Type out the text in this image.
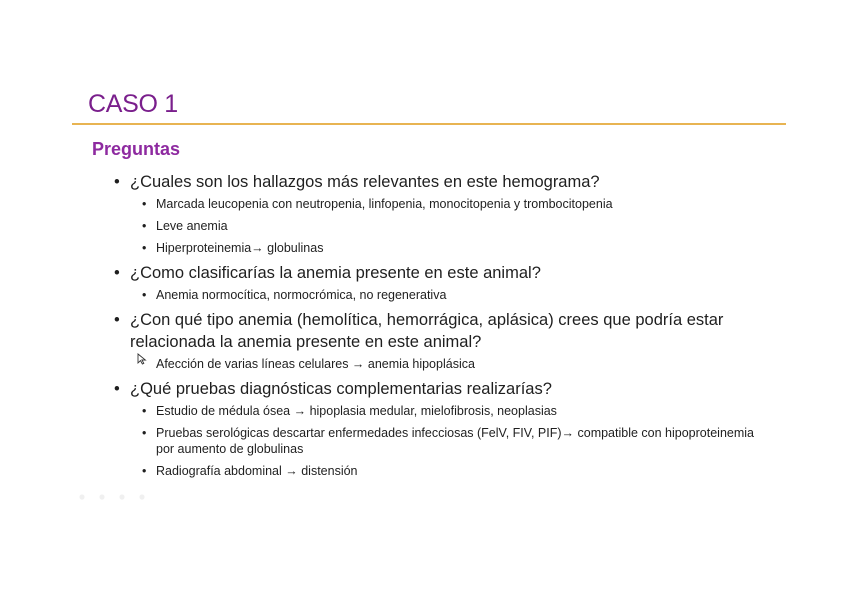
CASO 1
Preguntas
• ¿Cuales son los hallazgos más relevantes en este hemograma?
• Marcada leucopenia con neutropenia, linfopenia, monocitopenia y trombocitopenia
• Leve anemia
• Hiperproteinemia→ globulinas
• ¿Como clasificarías la anemia presente en este animal?
• Anemia normocítica, normocrómica, no regenerativa
• ¿Con qué tipo anemia (hemolítica, hemorrágica, aplásica) crees que podría estar relacionada la anemia presente en este animal?
Afección de varias líneas celulares → anemia hipoplásica
• ¿Qué pruebas diagnósticas complementarias realizarías?
• Estudio de médula ósea → hipoplasia medular, mielofibrosis, neoplasias
• Pruebas serológicas descartar enfermedades infecciosas (FelV, FIV, PIF)→ compatible con hipoproteinemia por aumento de globulinas
• Radiografía abdominal → distensión
